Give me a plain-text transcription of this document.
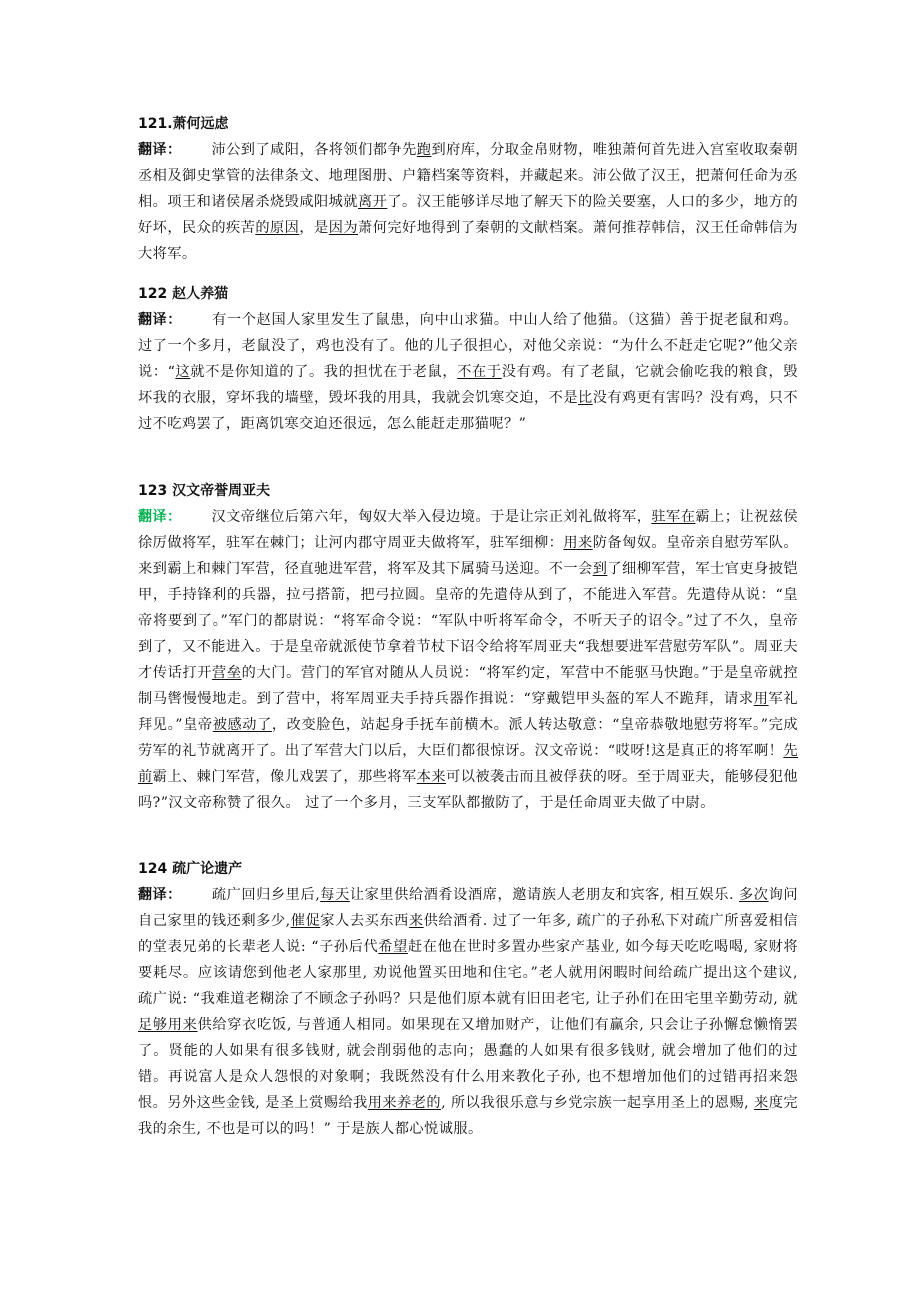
121.萧何远虑

翻译： 沛公到了咸阳，各将领们都争先跑到府库，分取金帛财物，唯独萧何首先进入宫室收取秦朝丞相及御史掌管的法律条文、地理图册、户籍档案等资料，并藏起来。沛公做了汉王，把萧何任命为丞相。项王和诸侯屠杀烧毁咸阳城就离开了。汉王能够详尽地了解天下的险关要塞，人口的多少，地方的好坏，民众的疾苦的原因，是因为萧何完好地得到了秦朝的文献档案。萧何推荐韩信，汉王任命韩信为大将军。

122 赵人养猫

翻译： 有一个赵国人家里发生了鼠患，向中山求猫。中山人给了他猫。（这猫）善于捉老鼠和鸡。过了一个多月，老鼠没了，鸡也没有了。他的儿子很担心，对他父亲说：“为什么不赶走它呢?”他父亲说：“这就不是你知道的了。我的担忧在于老鼠，不在于没有鸡。有了老鼠，它就会偷吃我的粮食，毁坏我的衣服，穿坏我的墙壁，毁坏我的用具，我就会饥寒交迫，不是比没有鸡更有害吗？没有鸡，只不过不吃鸡罢了，距离饥寒交迫还很远，怎么能赶走那猫呢？”

123 汉文帝誉周亚夫

翻译： 汉文帝继位后第六年，匈奴大举入侵边境。于是让宗正刘礼做将军，驻军在霸上；让祝兹侯徐厉做将军，驻军在棘门；让河内郡守周亚夫做将军，驻军细柳：用来防备匈奴。皇帝亲自慰劳军队。来到霸上和棘门军营，径直驰进军营，将军及其下属骑马送迎。不一会到了细柳军营，军士官吏身披铠甲，手持锋利的兵器，拉弓搭箭，把弓拉圆。皇帝的先遣侍从到了，不能进入军营。先遣侍从说：“皇帝将要到了。”军门的都尉说：“将军命令说：“军队中听将军命令，不听天子的诏令。”过了不久，皇帝到了，又不能进入。于是皇帝就派使节拿着节杖下诏令给将军周亚夫“我想要进军营慰劳军队”。周亚夫才传话打开营垒的大门。营门的军官对随从人员说：“将军约定，军营中不能驱马快跑。”于是皇帝就控制马辔慢慢地走。到了营中，将军周亚夫手持兵器作揖说：“穿戴铠甲头盔的军人不跪拜，请求用军礼拜见。”皇帝被感动了，改变脸色，站起身手抚车前横木。派人转达敬意：“皇帝恭敬地慰劳将军。”完成劳军的礼节就离开了。出了军营大门以后，大臣们都很惊讶。汉文帝说：“哎呀!这是真正的将军啊！先前霸上、棘门军营，像儿戏罢了，那些将军本来可以被袭击而且被俘获的呀。至于周亚夫，能够侵犯他吗?”汉文帝称赞了很久。 过了一个多月，三支军队都撤防了，于是任命周亚夫做了中尉。

124 疏广论遗产

翻译： 疏广回归乡里后,每天让家里供给酒肴设酒席，邀请族人老朋友和宾客, 相互娱乐. 多次询问自己家里的钱还剩多少,催促家人去买东西来供给酒肴. 过了一年多, 疏广的子孙私下对疏广所喜爱相信的堂表兄弟的长辈老人说: “子孙后代希望赶在他在世时多置办些家产基业, 如今每天吃吃喝喝, 家财将要耗尽。应该请您到他老人家那里, 劝说他置买田地和住宅。”老人就用闲暇时间给疏广提出这个建议, 疏广说: “我难道老糊涂了不顾念子孙吗？只是他们原本就有旧田老宅, 让子孙们在田宅里辛勤劳动, 就足够用来供给穿衣吃饭, 与普通人相同。如果现在又增加财产，让他们有赢余, 只会让子孙懈怠懒惰罢了。贤能的人如果有很多钱财, 就会削弱他的志向；愚蠢的人如果有很多钱财, 就会增加了他们的过错。再说富人是众人怨恨的对象啊；我既然没有什么用来教化子孙, 也不想增加他们的过错再招来怨恨。另外这些金钱, 是圣上赏赐给我用来养老的, 所以我很乐意与乡党宗族一起享用圣上的恩赐, 来度完我的余生, 不也是可以的吗！” 于是族人都心悦诚服。
